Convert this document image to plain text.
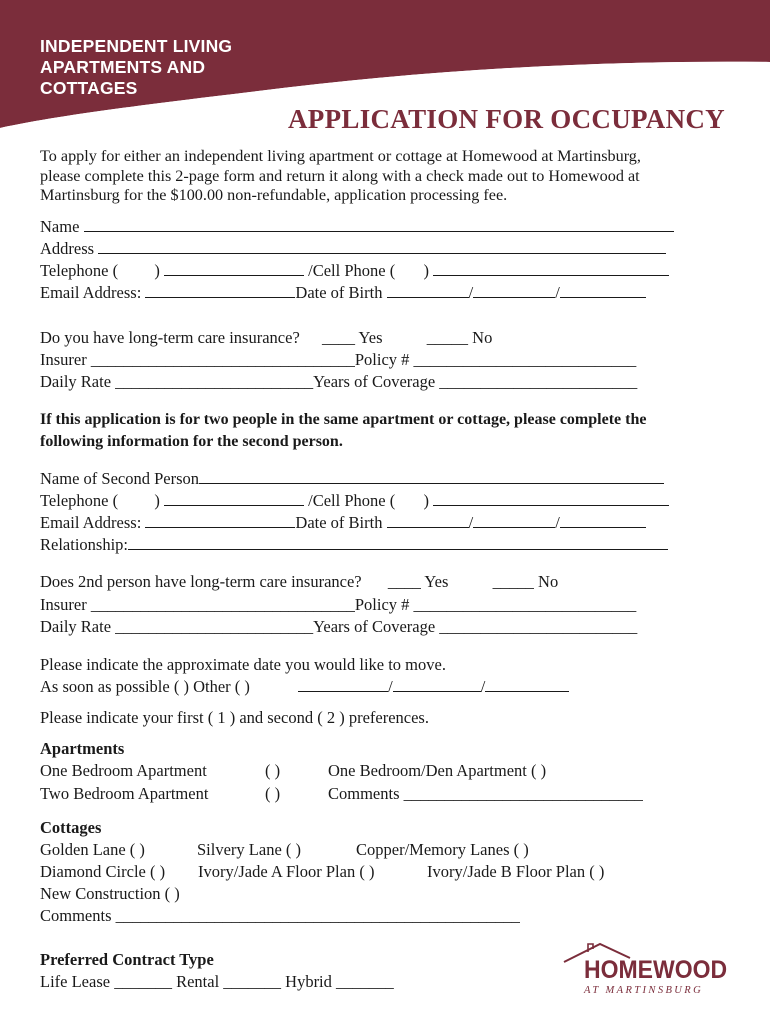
INDEPENDENT LIVING
APARTMENTS AND
COTTAGES
APPLICATION FOR OCCUPANCY
To apply for either an independent living apartment or cottage at Homewood at Martinsburg,
please complete this 2-page form and return it along with a check made out to Homewood at
Martinsburg for the $100.00 non-refundable, application processing fee.
Name
Address
Telephone ( )	/Cell Phone ( )
Email Address:	Date of Birth	/	/
Do you have long-term care insurance? ____ Yes	_____ No
Insurer ________________________________Policy # ___________________________
Daily Rate ________________________Years of Coverage ________________________
If this application is for two people in the same apartment or cottage, please complete the
following information for the second person.
Name of Second Person
Telephone ( )	/Cell Phone ( )
Email Address:	Date of Birth	/	/
Relationship:
Does 2nd person have long-term care insurance? ____ Yes	_____ No
Insurer ________________________________Policy # ___________________________
Daily Rate ________________________Years of Coverage ________________________
Please indicate the approximate date you would like to move.
As soon as possible ( ) Other ( )	/	/
Please indicate your first ( 1 ) and second ( 2 ) preferences.
Apartments
One Bedroom Apartment	( )	One Bedroom/Den Apartment ( )
Two Bedroom Apartment	( )	Comments _____________________________
Cottages
Golden Lane ( )	Silvery Lane ( )	Copper/Memory Lanes ( )
Diamond Circle ( ) Ivory/Jade A Floor Plan ( )	Ivory/Jade B Floor Plan ( )
New Construction ( )
Comments _________________________________________________
Preferred Contract Type
Life Lease _______ Rental _______ Hybrid _______	HOMEWOOD
AT MARTINSBURG
